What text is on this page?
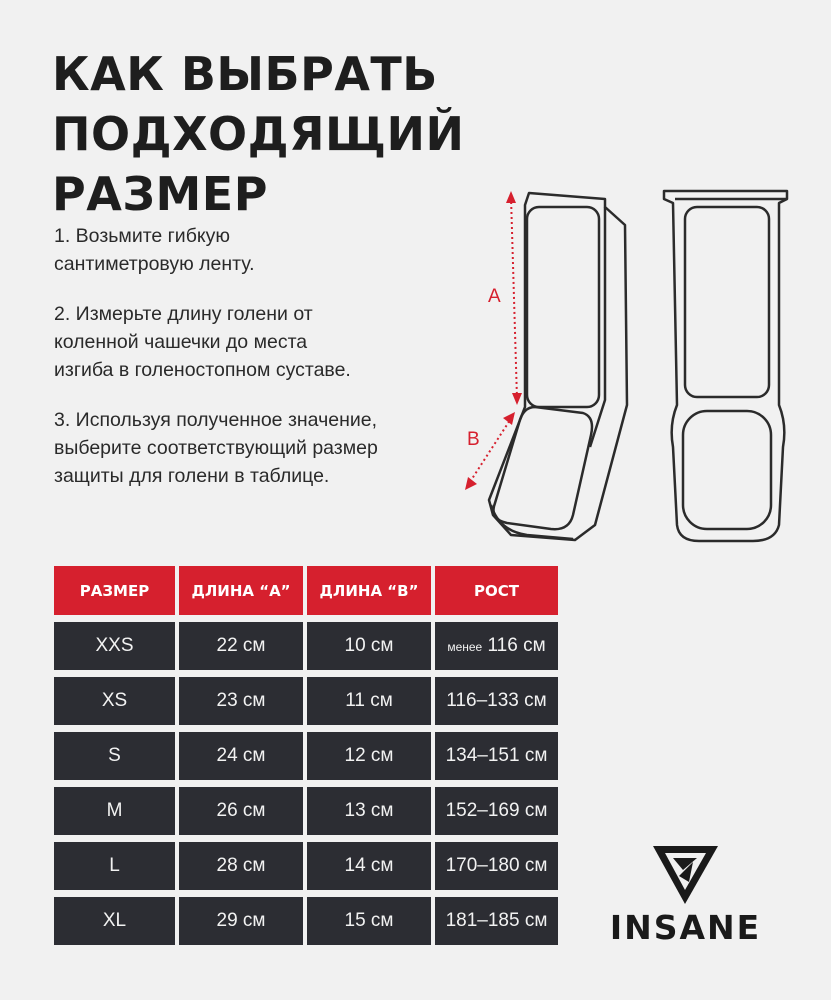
КАК ВЫБРАТЬ
ПОДХОДЯЩИЙ РАЗМЕР

1. Возьмите гибкую
сантиметровую ленту.

2. Измерьте длину голени от
коленной чашечки до места
изгиба в голеностопном суставе.

3. Используя полученное значение,
выберите соответствующий размер
защиты для голени в таблице.

A
B
РАЗМЕР	ДЛИНА “А”	ДЛИНА “В”	РОСТ
XXS	22 см	10 см	менее 116 см
XS	23 см	11 см	116–133 см
S	24 см	12 см	134–151 см
M	26 см	13 см	152–169 см
L	28 см	14 см	170–180 см
XL	29 см	15 см	181–185 см	INSANE
